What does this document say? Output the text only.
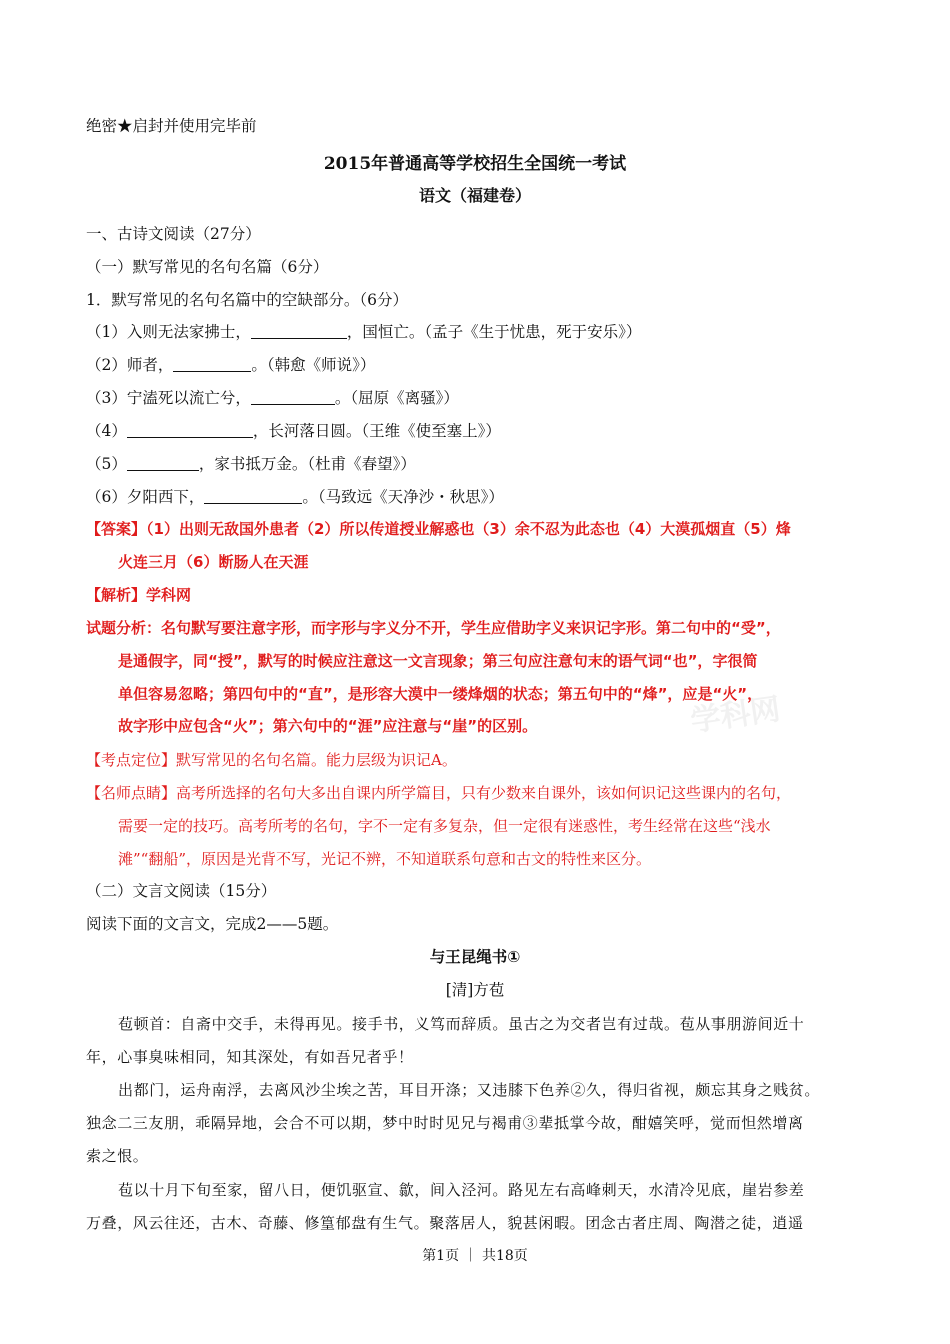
学科网
绝密★启封并使用完毕前
2015年普通高等学校招生全国统一考试
语文（福建卷）
一、古诗文阅读（27分）
（一）默写常见的名句名篇（6分）
1．默写常见的名句名篇中的空缺部分。（6分）
（1）入则无法家拂士，	，国恒亡。（孟子《生于忧患，死于安乐》）
（2）师者，	。（韩愈《师说》）
（3）宁溘死以流亡兮，	。（屈原《离骚》）
（4）	，长河落日圆。（王维《使至塞上》）
（5）	，家书抵万金。（杜甫《春望》）
（6）夕阳西下，	。（马致远《天净沙・秋思》）
【答案】（1）出则无敌国外患者（2）所以传道授业解惑也（3）余不忍为此态也（4）大漠孤烟直（5）烽
火连三月（6）断肠人在天涯
【解析】学科网
试题分析：名句默写要注意字形，而字形与字义分不开，学生应借助字义来识记字形。第二句中的“受”，
是通假字，同“授”，默写的时候应注意这一文言现象；第三句应注意句末的语气词“也”，字很简
单但容易忽略；第四句中的“直”，是形容大漠中一缕烽烟的状态；第五句中的“烽”，应是“火”，
故字形中应包含“火”；第六句中的“涯”应注意与“崖”的区别。
【考点定位】默写常见的名句名篇。能力层级为识记A。
【名师点睛】高考所选择的名句大多出自课内所学篇目，只有少数来自课外，该如何识记这些课内的名句，
需要一定的技巧。高考所考的名句，字不一定有多复杂，但一定很有迷惑性，考生经常在这些“浅水
滩”“翻船”，原因是光背不写，光记不辨，不知道联系句意和古文的特性来区分。
（二）文言文阅读（15分）
阅读下面的文言文，完成2——5题。
与王昆绳书①
[清]方苞
苞顿首：自斋中交手，未得再见。接手书，义笃而辞质。虽古之为交者岂有过哉。苞从事朋游间近十
年，心事臭味相同，知其深处，有如吾兄者乎！
出都门，运舟南浮，去离风沙尘埃之苦，耳目开涤；又违膝下色养②久，得归省视，颇忘其身之贱贫。
独念二三友朋，乖隔异地，会合不可以期，梦中时时见兄与褐甫③辈抵掌今故，酣嬉笑呼，觉而怛然增离
索之恨。
苞以十月下旬至家，留八日，便饥驱宣、歙，间入泾河。路见左右高峰刺天，水清冷见底，崖岩参差
万叠，风云往还，古木、奇藤、修篁郁盘有生气。聚落居人，貌甚闲暇。团念古者庄周、陶潜之徒，逍遥
第1页 ｜ 共18页
